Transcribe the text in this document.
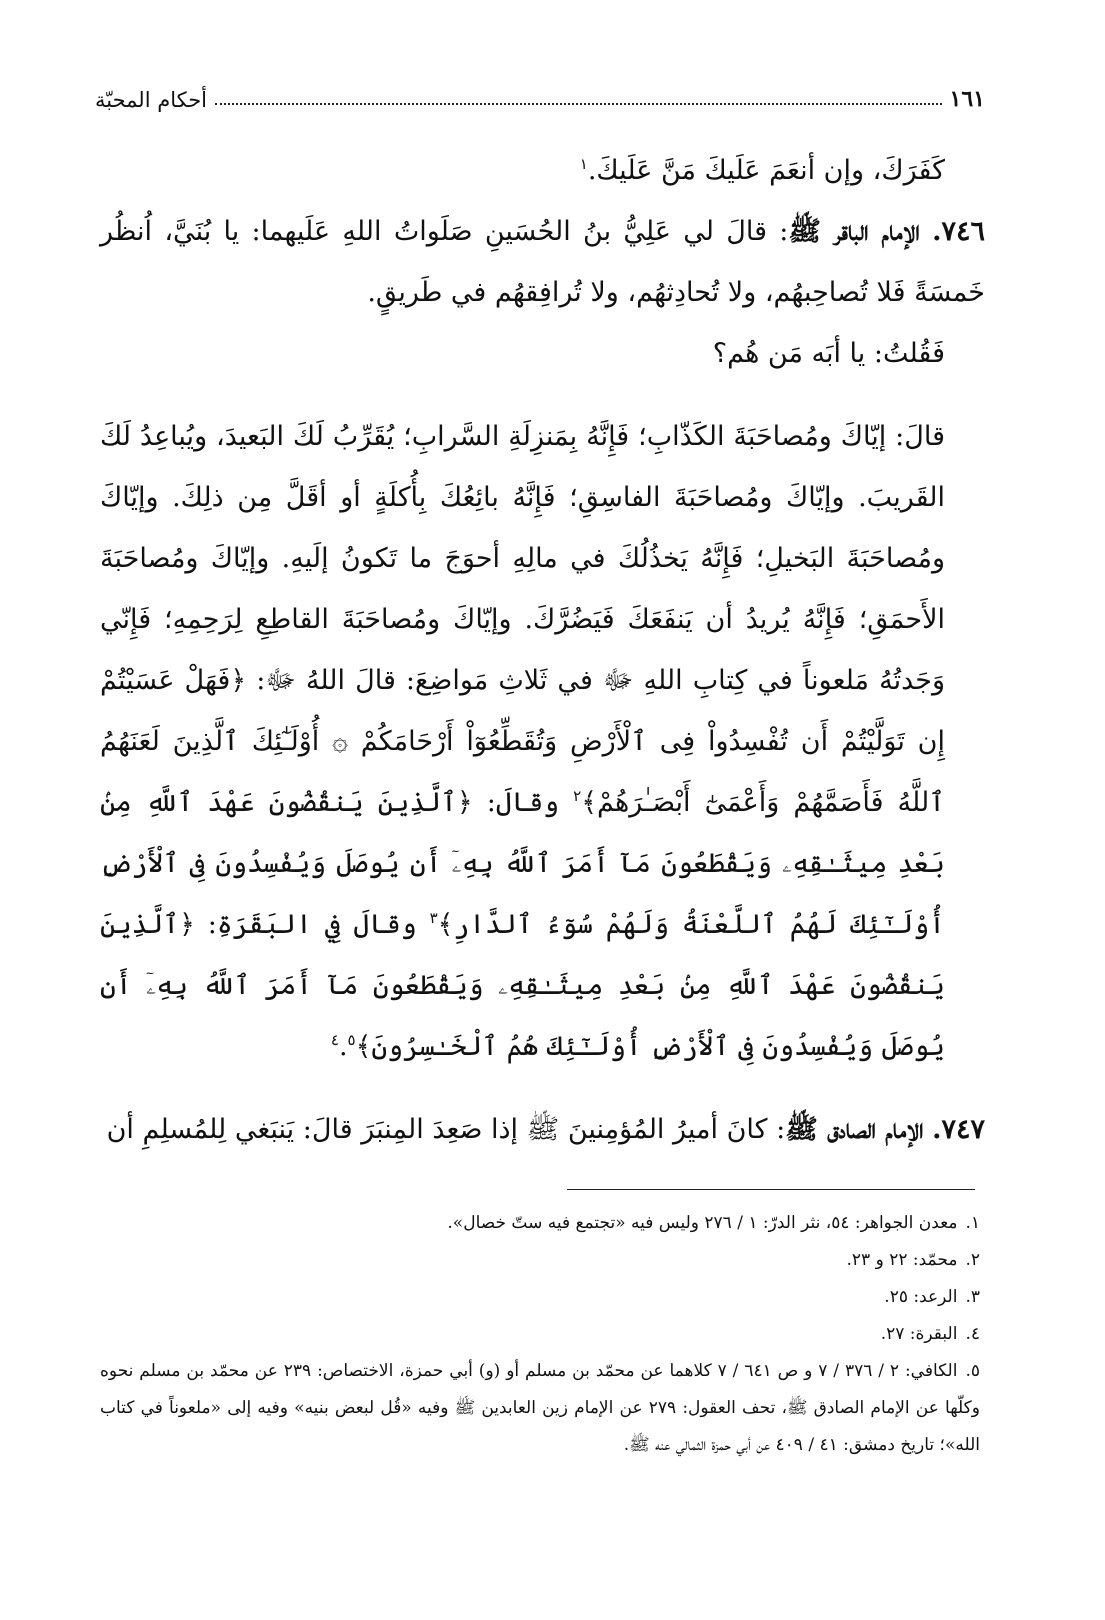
أحكام المحبّة	١٦١

كَفَرَكَ، وإن أنعَمَ عَلَيكَ مَنَّ عَلَيكَ.$^١$

٧٤٦. الإمام الباقر ﷺ: قالَ لي عَلِيُّ بنُ الحُسَينِ صَلَواتُ اللهِ عَلَيهما: يا بُنَيَّ، اُنظُر خَمسَةً فَلا تُصاحِبهُم، ولا تُحادِثهُم، ولا تُرافِقهُم في طَريقٍ.

فَقُلتُ: يا أبَه مَن هُم؟

قالَ: إيّاكَ ومُصاحَبَةَ الكَذّابِ؛ فَإِنَّهُ بِمَنزِلَةِ السَّرابِ؛ يُقَرِّبُ لَكَ البَعيدَ، ويُباعِدُ لَكَ القَريبَ. وإيّاكَ ومُصاحَبَةَ الفاسِقِ؛ فَإِنَّهُ بائِعُكَ بِأُكلَةٍ أو أقَلَّ مِن ذلِكَ. وإيّاكَ ومُصاحَبَةَ البَخيلِ؛ فَإِنَّهُ يَخذُلُكَ في مالِهِ أحوَجَ ما تَكونُ إلَيهِ. وإيّاكَ ومُصاحَبَةَ الأَحمَقِ؛ فَإِنَّهُ يُريدُ أن يَنفَعَكَ فَيَضُرَّكَ. وإيّاكَ ومُصاحَبَةَ القاطِعِ لِرَحِمِهِ؛ فَإِنّي وَجَدتُهُ مَلعوناً في كِتابِ اللهِ ﷻ في ثَلاثِ مَواضِعَ: قالَ اللهُ ﷻ: ﴿فَهَلْ عَسَيْتُمْ إِن تَوَلَّيْتُمْ أَن تُفْسِدُواْ فِى ٱلْأَرْضِ وَتُقَطِّعُوٓاْ أَرْحَامَكُمْ ۞ أُوْلَـٰٓئِكَ ٱلَّذِينَ لَعَنَهُمُ ٱللَّهُ فَأَصَمَّهُمْ وَأَعْمَىٰٓ أَبْصَـٰرَهُمْ﴾$^٢$ وقالَ: ﴿ٱلَّذِينَ يَنقُضُونَ عَهْدَ ٱللَّهِ مِنۢ بَعْدِ مِيثَـٰقِهِۦ وَيَقْطَعُونَ مَآ أَمَرَ ٱللَّهُ بِهِۦٓ أَن يُوصَلَ وَيُفْسِدُونَ فِى ٱلْأَرْضِ أُوْلَـٰٓئِكَ لَهُمُ ٱللَّعْنَةُ وَلَهُمْ سُوٓءُ ٱلدَّارِ﴾$^٣$ وقالَ فِي البَقَرَةِ: ﴿ٱلَّذِينَ يَنقُضُونَ عَهْدَ ٱللَّهِ مِنۢ بَعْدِ مِيثَـٰقِهِۦ وَيَقْطَعُونَ مَآ أَمَرَ ٱللَّهُ بِهِۦٓ أَن يُوصَلَ وَيُفْسِدُونَ فِى ٱلْأَرْضِ أُوْلَـٰٓئِكَ هُمُ ٱلْخَـٰسِرُونَ﴾$^٤$.$^٥$

٧٤٧. الإمام الصادق ﷺ: كانَ أميرُ المُؤمِنينَ ﷺ إذا صَعِدَ المِنبَرَ قالَ: يَنبَغي لِلمُسلِمِ أن

١.معدن الجواهر: ٥٤، نثر الدرّ: ١ / ٢٧٦ وليس فيه «تجتمع فيه ستّ خصال».

٢.محمّد: ٢٢ و ٢٣.

٣.الرعد: ٢٥.

٤.البقرة: ٢٧.

٥.الكافي: ٢ / ٣٧٦ / ٧ و ص ٦٤١ / ٧ كلاهما عن محمّد بن مسلم أو (و) أبي حمزة، الاختصاص: ٢٣٩ عن محمّد بن مسلم نحوه وكلّها عن الإمام الصادق ﷺ، تحف العقول: ٢٧٩ عن الإمام زين العابدين ﷺ وفيه «قُل لبعض بنيه» وفيه إلى «ملعوناً في كتاب الله»؛ تاريخ دمشق: ٤١ / ٤٠٩ عن أبي حمزة الثمالي عنه ﷺ.
